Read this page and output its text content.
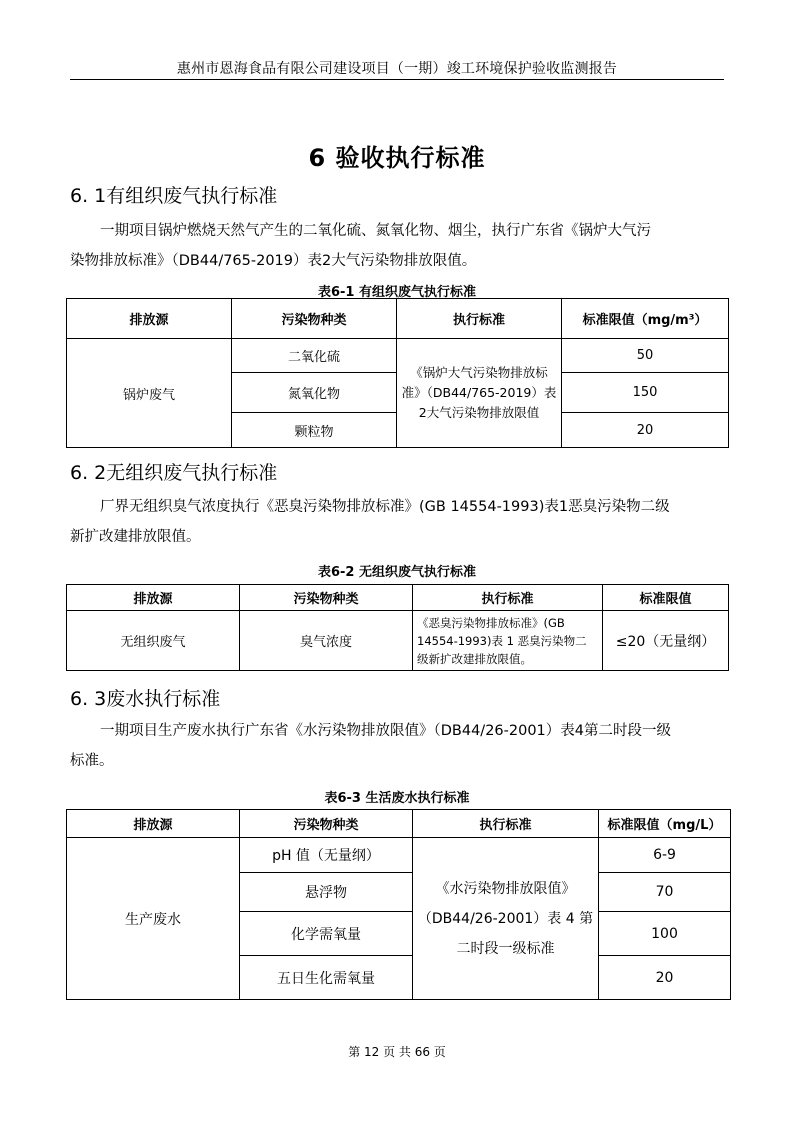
惠州市恩海食品有限公司建设项目（一期）竣工环境保护验收监测报告
6 验收执行标准
6. 1有组织废气执行标准
一期项目锅炉燃烧天然气产生的二氧化硫、氮氧化物、烟尘，执行广东省《锅炉大气污
染物排放标准》（DB44/765-2019）表2大气污染物排放限值。
表6-1 有组织废气执行标准
排放源	污染物种类	执行标准	标准限值（mg/m³）
锅炉废气	二氧化硫	《锅炉大气污染物排放标准》（DB44/765-2019）表2大气污染物排放限值	50
	氮氧化物		150
	颗粒物		20
6. 2无组织废气执行标准
厂界无组织臭气浓度执行《恶臭污染物排放标准》(GB 14554-1993)表1恶臭污染物二级
新扩改建排放限值。
表6-2 无组织废气执行标准
排放源	污染物种类	执行标准	标准限值
无组织废气	臭气浓度	《恶臭污染物排放标准》(GB 14554-1993)表 1 恶臭污染物二级新扩改建排放限值。	≤20（无量纲）
6. 3废水执行标准
一期项目生产废水执行广东省《水污染物排放限值》（DB44/26-2001）表4第二时段一级
标准。
表6-3 生活废水执行标准
排放源	污染物种类	执行标准	标准限值（mg/L）
生产废水	pH 值（无量纲）	《水污染物排放限值》（DB44/26-2001）表 4 第二时段一级标准	6-9
	悬浮物		70
	化学需氧量		100
	五日生化需氧量		20
第 12 页 共 66 页
